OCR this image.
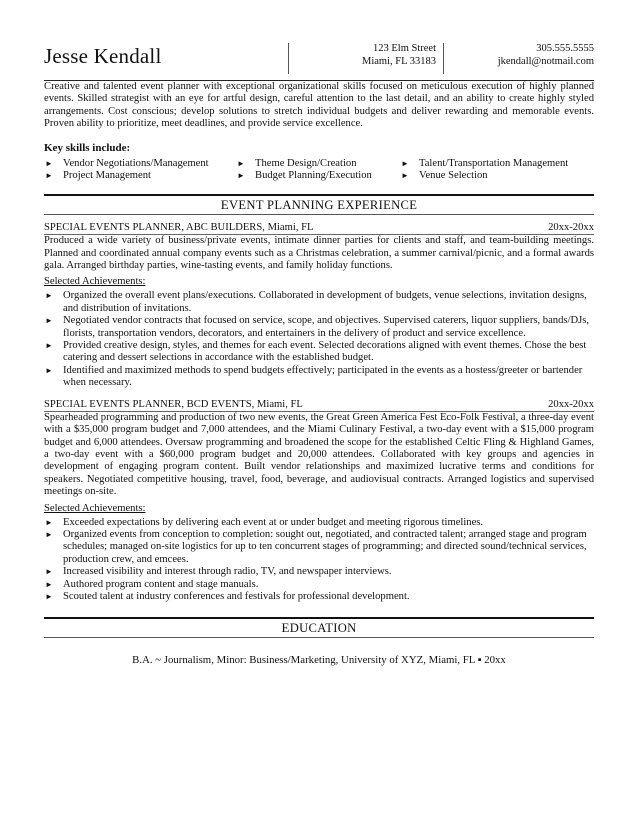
Jesse Kendall	123 Elm Street
Miami, FL 33183
305.555.5555
jkendall@notmail.com

Creative and talented event planner with exceptional organizational skills focused on meticulous execution of highly planned events. Skilled strategist with an eye for artful design, careful attention to the last detail, and an ability to create highly styled arrangements. Cost conscious; develop solutions to stretch individual budgets and deliver rewarding and memorable events. Proven ability to prioritize, meet deadlines, and provide service excellence.

Key skills include:
► Vendor Negotiations/Management	► Theme Design/Creation	► Talent/Transportation Management
► Project Management	► Budget Planning/Execution	► Venue Selection
EVENT PLANNING EXPERIENCE
SPECIAL EVENTS PLANNER, ABC BUILDERS, Miami, FL	20xx-20xx

Produced a wide variety of business/private events, intimate dinner parties for clients and staff, and team-building meetings. Planned and coordinated annual company events such as a Christmas celebration, a summer carnival/picnic, and a formal awards gala. Arranged birthday parties, wine-tasting events, and family holiday functions.

Selected Achievements:
► Organized the overall event plans/executions. Collaborated in development of budgets, venue selections, invitation designs, and distribution of invitations.
► Negotiated vendor contracts that focused on service, scope, and objectives. Supervised caterers, liquor suppliers, bands/DJs, florists, transportation vendors, decorators, and entertainers in the delivery of product and service excellence.
► Provided creative design, styles, and themes for each event. Selected decorations aligned with event themes. Chose the best catering and dessert selections in accordance with the established budget.
► Identified and maximized methods to spend budgets effectively; participated in the events as a hostess/greeter or bartender when necessary.
SPECIAL EVENTS PLANNER, BCD EVENTS, Miami, FL	20xx-20xx

Spearheaded programming and production of two new events, the Great Green America Fest Eco-Folk Festival, a three-day event with a $35,000 program budget and 7,000 attendees, and the Miami Culinary Festival, a two-day event with a $15,000 program budget and 6,000 attendees. Oversaw programming and broadened the scope for the established Celtic Fling & Highland Games, a two-day event with a $60,000 program budget and 20,000 attendees. Collaborated with key groups and agencies in development of engaging program content. Built vendor relationships and maximized lucrative terms and conditions for speakers. Negotiated competitive housing, travel, food, beverage, and audiovisual contracts. Arranged logistics and supervised meetings on-site.

Selected Achievements:
► Exceeded expectations by delivering each event at or under budget and meeting rigorous timelines.
► Organized events from conception to completion: sought out, negotiated, and contracted talent; arranged stage and program schedules; managed on-site logistics for up to ten concurrent stages of programming; and directed sound/technical services, production crew, and emcees.
► Increased visibility and interest through radio, TV, and newspaper interviews.
► Authored program content and stage manuals.
► Scouted talent at industry conferences and festivals for professional development.
EDUCATION
B.A. ~ Journalism, Minor: Business/Marketing, University of XYZ, Miami, FL ▪ 20xx
